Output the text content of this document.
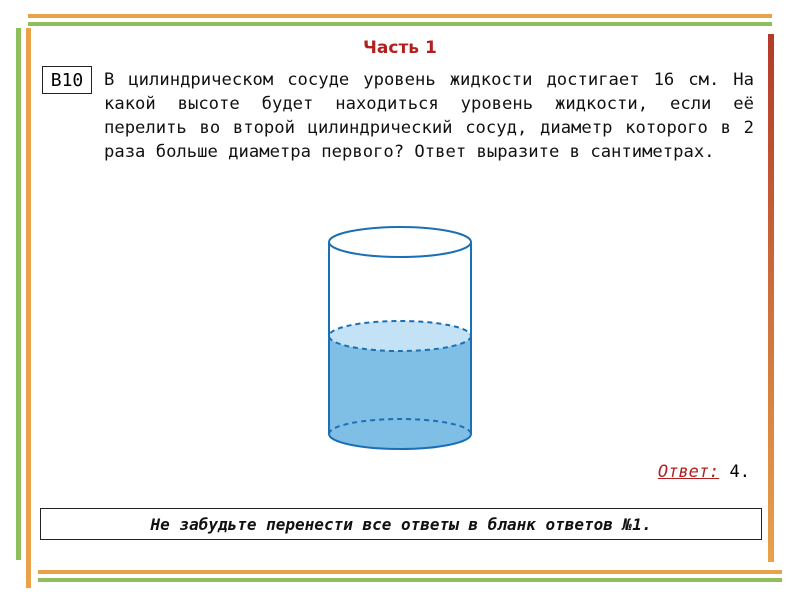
Часть 1
B10	В цилиндрическом сосуде уровень жидкости достигает 16 см. На какой высоте будет находиться уровень жидкости, если её перелить во второй цилиндрический сосуд, диаметр которого в 2 раза больше диаметра первого? Ответ выразите в сантиметрах.
Ответ: 4.
Не забудьте перенести все ответы в бланк ответов №1.
